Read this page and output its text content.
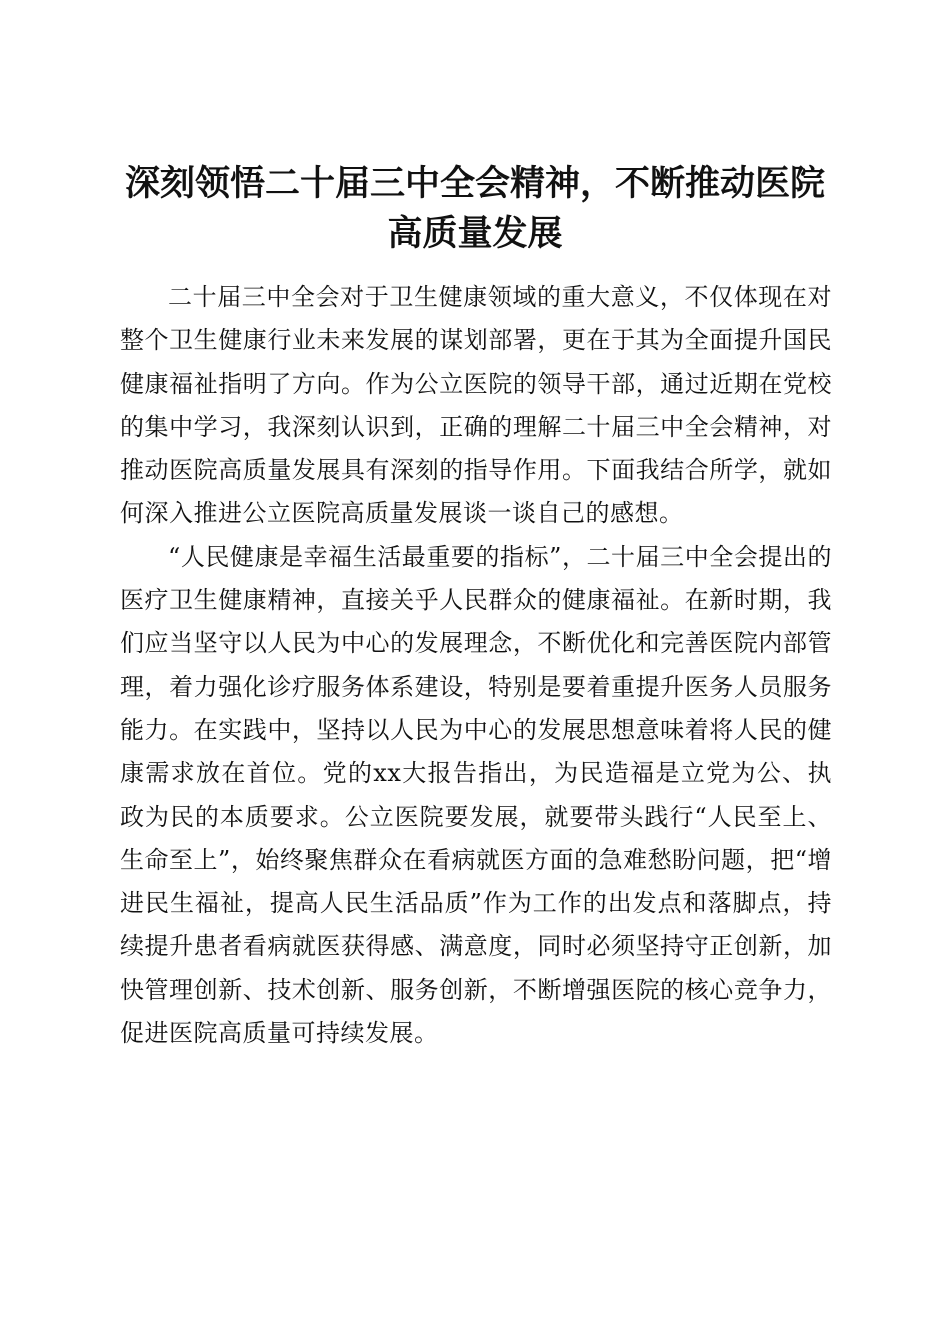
深刻领悟二十届三中全会精神，不断推动医院
高质量发展

二十届三中全会对于卫生健康领域的重大意义，不仅体现在对整个卫生健康行业未来发展的谋划部署，更在于其为全面提升国民健康福祉指明了方向。作为公立医院的领导干部，通过近期在党校的集中学习，我深刻认识到，正确的理解二十届三中全会精神，对推动医院高质量发展具有深刻的指导作用。下面我结合所学，就如何深入推进公立医院高质量发展谈一谈自己的感想。

“人民健康是幸福生活最重要的指标”，二十届三中全会提出的医疗卫生健康精神，直接关乎人民群众的健康福祉。在新时期，我们应当坚守以人民为中心的发展理念，不断优化和完善医院内部管理，着力强化诊疗服务体系建设，特别是要着重提升医务人员服务能力。在实践中，坚持以人民为中心的发展思想意味着将人民的健康需求放在首位。党的xx大报告指出，为民造福是立党为公、执政为民的本质要求。公立医院要发展，就要带头践行“人民至上、生命至上”，始终聚焦群众在看病就医方面的急难愁盼问题，把“增进民生福祉，提高人民生活品质”作为工作的出发点和落脚点，持续提升患者看病就医获得感、满意度，同时必须坚持守正创新，加快管理创新、技术创新、服务创新，不断增强医院的核心竞争力，促进医院高质量可持续发展。
